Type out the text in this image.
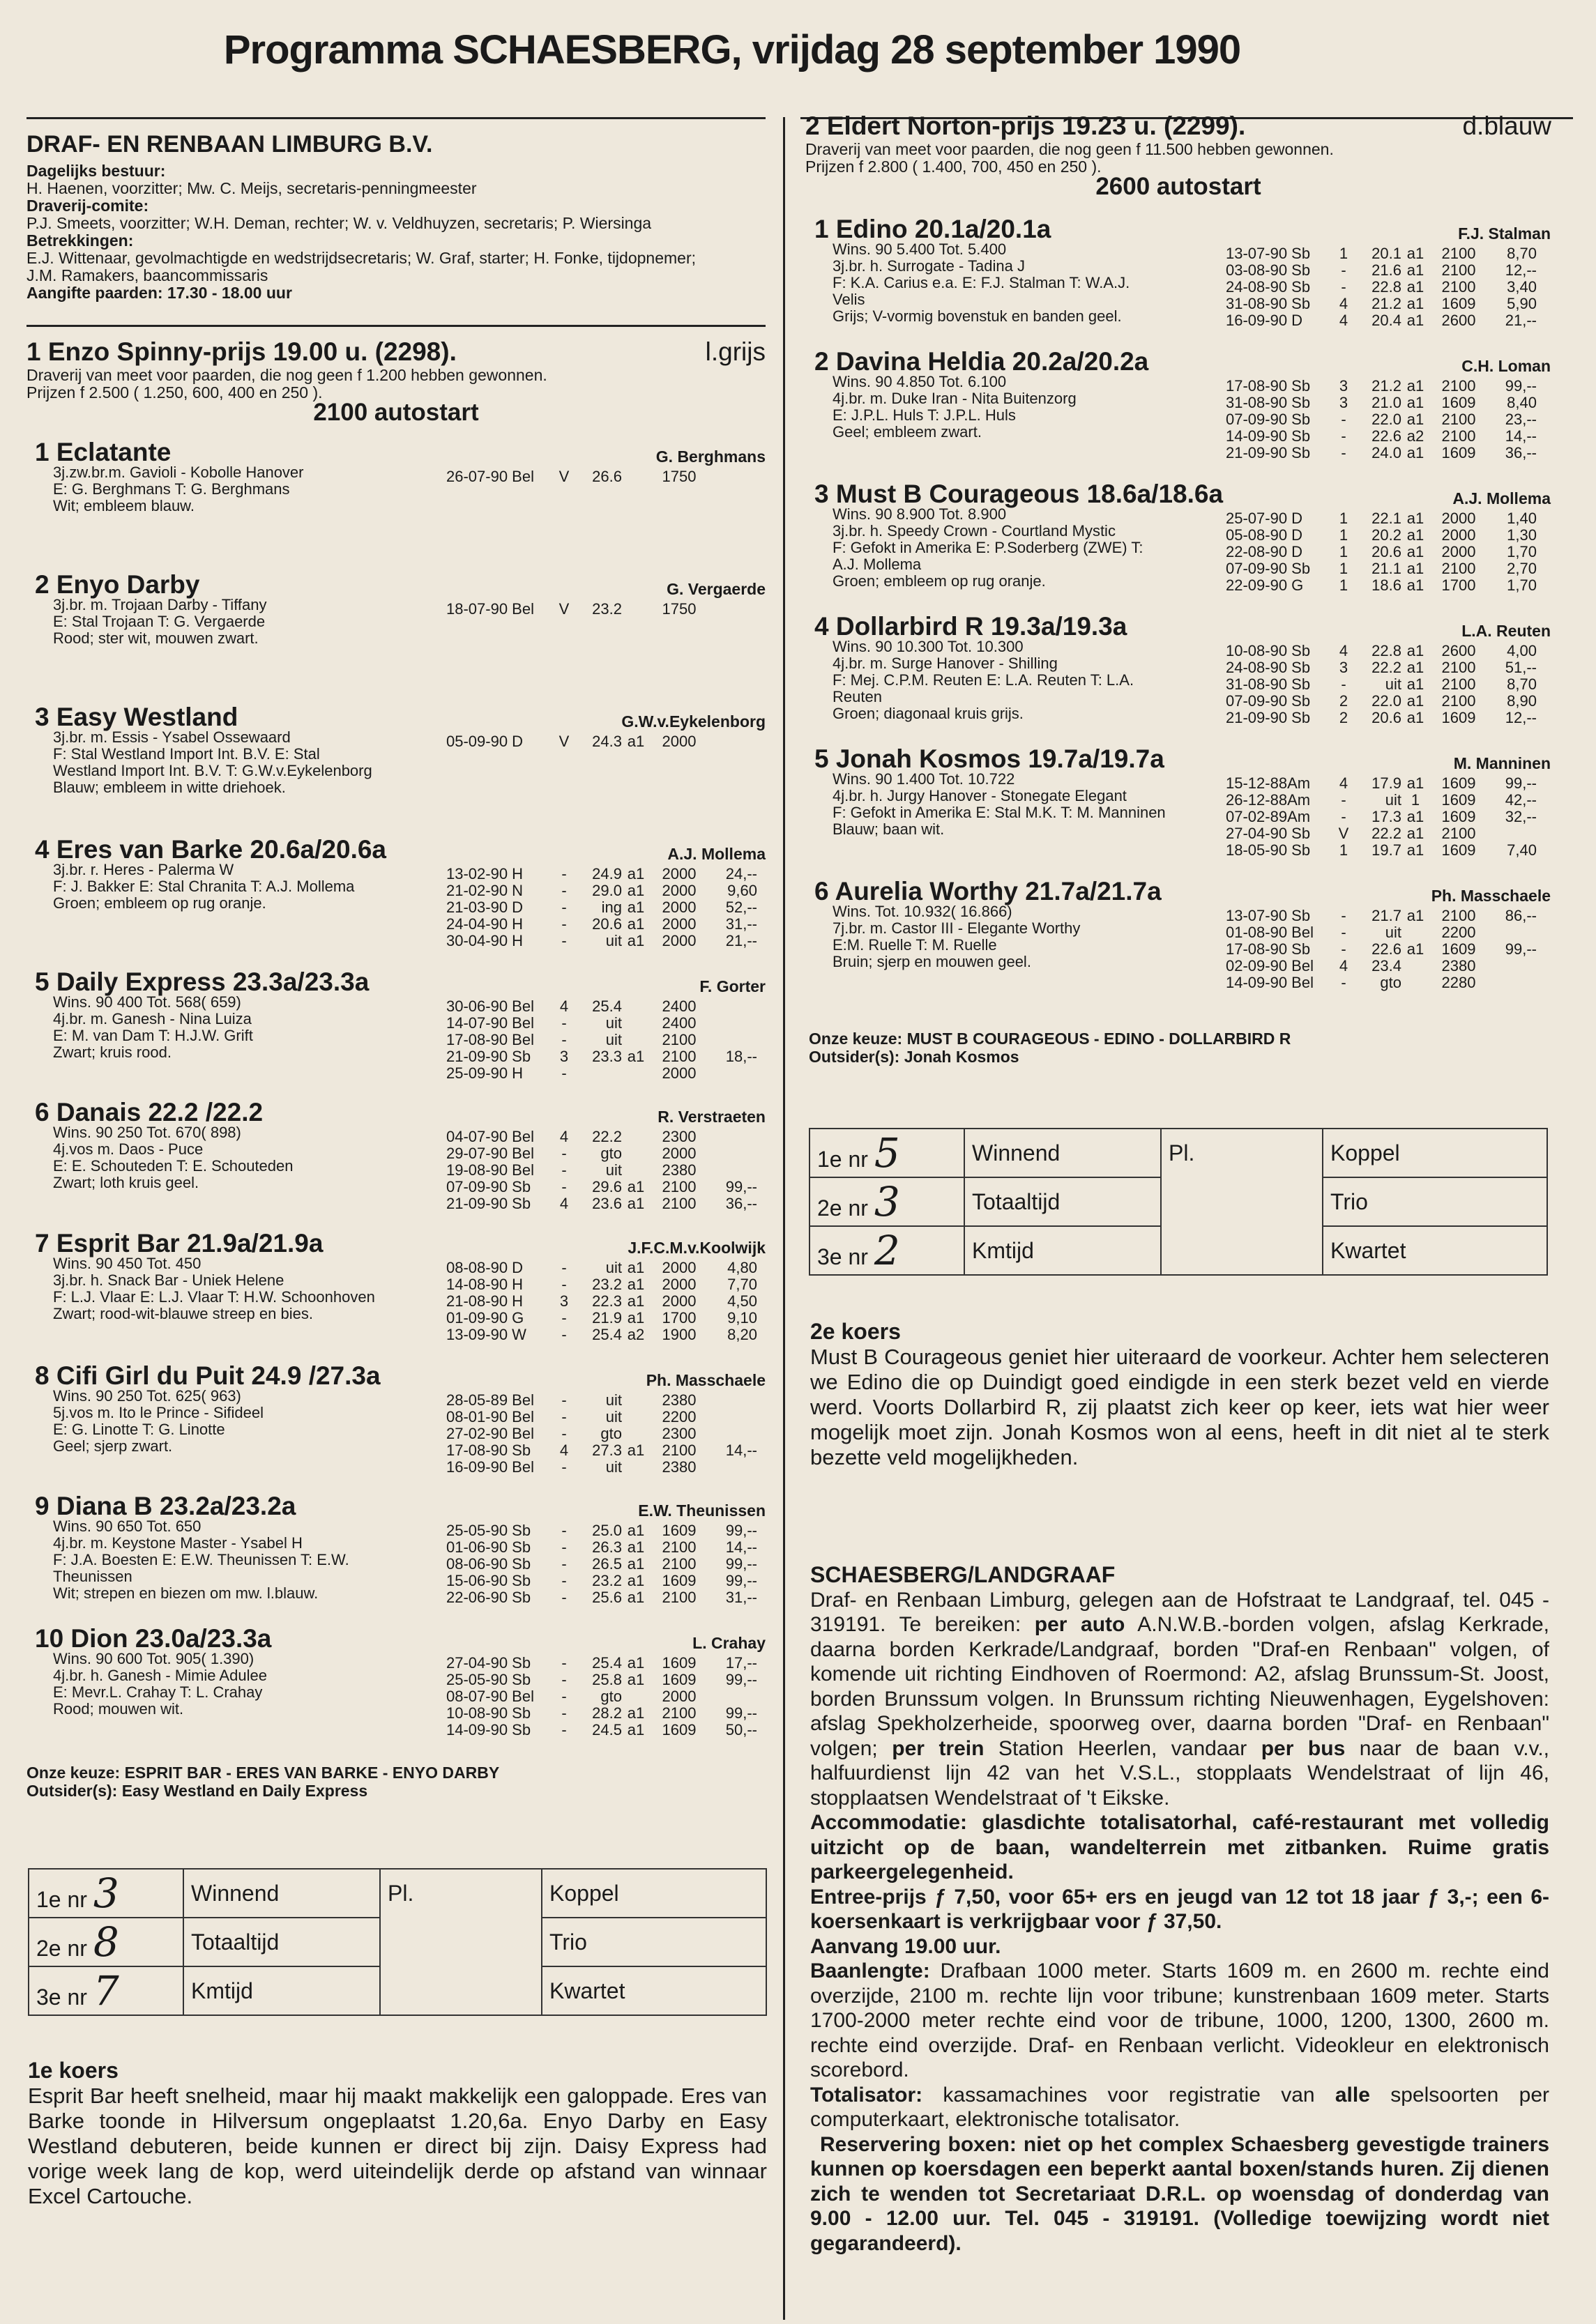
Programma SCHAESBERG, vrijdag 28 september 1990
DRAF- EN RENBAAN LIMBURG B.V.
Dagelijks bestuur:
H. Haenen, voorzitter; Mw. C. Meijs, secretaris-penningmeester
Draverij-comite:
P.J. Smeets, voorzitter; W.H. Deman, rechter; W. v. Veldhuyzen, secretaris; P. Wiersinga
Betrekkingen:
E.J. Wittenaar, gevolmachtigde en wedstrijdsecretaris; W. Graf, starter; H. Fonke, tijdopnemer;
J.M. Ramakers, baancommissaris
Aangifte paarden: 17.30 - 18.00 uur
1 Enzo Spinny-prijs 19.00 u. (2298).	l.grijs
Draverij van meet voor paarden, die nog geen f 1.200 hebben gewonnen.
Prijzen f 2.500 ( 1.250, 600, 400 en 250 ).
2100 autostart
1 Eclatante	G. Berghmans
3j.zw.br.m. Gavioli - Kobolle Hanover
E: G. Berghmans T: G. Berghmans
Wit; embleem blauw.
26-07-90 Bel	V	26.6		1750	
2 Enyo Darby	G. Vergaerde
3j.br. m. Trojaan Darby - Tiffany
E: Stal Trojaan T: G. Vergaerde
Rood; ster wit, mouwen zwart.
18-07-90 Bel	V	23.2		1750	
3 Easy Westland	G.W.v.Eykelenborg
3j.br. m. Essis - Ysabel Ossewaard
F: Stal Westland Import Int. B.V. E: Stal
Westland Import Int. B.V. T: G.W.v.Eykelenborg
Blauw; embleem in witte driehoek.
05-09-90 D	V	24.3	a1	2000	
4 Eres van Barke 20.6a/20.6a	A.J. Mollema
3j.br. r. Heres - Palerma W
F: J. Bakker E: Stal Chranita T: A.J. Mollema
Groen; embleem op rug oranje.
13-02-90 H	-	24.9	a1	2000	24,--
21-02-90 N	-	29.0	a1	2000	9,60
21-03-90 D	-	ing	a1	2000	52,--
24-04-90 H	-	20.6	a1	2000	31,--
30-04-90 H	-	uit	a1	2000	21,--
5 Daily Express 23.3a/23.3a	F. Gorter
Wins. 90 400 Tot. 568( 659)
4j.br. m. Ganesh - Nina Luiza
E: M. van Dam T: H.J.W. Grift
Zwart; kruis rood.
30-06-90 Bel	4	25.4		2400	
14-07-90 Bel	-	uit		2400	
17-08-90 Bel	-	uit		2100	
21-09-90 Sb	3	23.3	a1	2100	18,--
25-09-90 H	-			2000	
6 Danais 22.2 /22.2	R. Verstraeten
Wins. 90 250 Tot. 670( 898)
4j.vos m. Daos - Puce
E: E. Schouteden T: E. Schouteden
Zwart; loth kruis geel.
04-07-90 Bel	4	22.2		2300	
29-07-90 Bel	-	gto		2000	
19-08-90 Bel	-	uit		2380	
07-09-90 Sb	-	29.6	a1	2100	99,--
21-09-90 Sb	4	23.6	a1	2100	36,--
7 Esprit Bar 21.9a/21.9a	J.F.C.M.v.Koolwijk
Wins. 90 450 Tot. 450
3j.br. h. Snack Bar - Uniek Helene
F: L.J. Vlaar E: L.J. Vlaar T: H.W. Schoonhoven
Zwart; rood-wit-blauwe streep en bies.
08-08-90 D	-	uit	a1	2000	4,80
14-08-90 H	-	23.2	a1	2000	7,70
21-08-90 H	3	22.3	a1	2000	4,50
01-09-90 G	-	21.9	a1	1700	9,10
13-09-90 W	-	25.4	a2	1900	8,20
8 Cifi Girl du Puit 24.9 /27.3a	Ph. Masschaele
Wins. 90 250 Tot. 625( 963)
5j.vos m. Ito le Prince - Sifideel
E: G. Linotte T: G. Linotte
Geel; sjerp zwart.
28-05-89 Bel	-	uit		2380	
08-01-90 Bel	-	uit		2200	
27-02-90 Bel	-	gto		2300	
17-08-90 Sb	4	27.3	a1	2100	14,--
16-09-90 Bel	-	uit		2380	
9 Diana B 23.2a/23.2a	E.W. Theunissen
Wins. 90 650 Tot. 650
4j.br. m. Keystone Master - Ysabel H
F: J.A. Boesten E: E.W. Theunissen T: E.W.
Theunissen
Wit; strepen en biezen om mw. l.blauw.
25-05-90 Sb	-	25.0	a1	1609	99,--
01-06-90 Sb	-	26.3	a1	2100	14,--
08-06-90 Sb	-	26.5	a1	2100	99,--
15-06-90 Sb	-	23.2	a1	1609	99,--
22-06-90 Sb	-	25.6	a1	2100	31,--
10 Dion 23.0a/23.3a	L. Crahay
Wins. 90 600 Tot. 905( 1.390)
4j.br. h. Ganesh - Mimie Adulee
E: Mevr.L. Crahay T: L. Crahay
Rood; mouwen wit.
27-04-90 Sb	-	25.4	a1	1609	17,--
25-05-90 Sb	-	25.8	a1	1609	99,--
08-07-90 Bel	-	gto		2000	
10-08-90 Sb	-	28.2	a1	2100	99,--
14-09-90 Sb	-	24.5	a1	1609	50,--
Onze keuze: ESPRIT BAR - ERES VAN BARKE - ENYO DARBY
Outsider(s): Easy Westland en Daily Express
1e nr 3	Winnend	Pl.	Koppel
2e nr 8	Totaaltijd		Trio
3e nr 7	Kmtijd		Kwartet
1e koers
Esprit Bar heeft snelheid, maar hij maakt makkelijk een galoppade. Eres van Barke toonde in Hilversum ongeplaatst 1.20,6a. Enyo Darby en Easy Westland debuteren, beide kunnen er direct bij zijn. Daisy Express had vorige week lang de kop, werd uiteindelijk derde op afstand van winnaar Excel Cartouche.
2 Eldert Norton-prijs 19.23 u. (2299).	d.blauw
Draverij van meet voor paarden, die nog geen f 11.500 hebben gewonnen.
Prijzen f 2.800 ( 1.400, 700, 450 en 250 ).
2600 autostart
1 Edino 20.1a/20.1a	F.J. Stalman
Wins. 90 5.400 Tot. 5.400
3j.br. h. Surrogate - Tadina J
F: K.A. Carius e.a. E: F.J. Stalman T: W.A.J.
Velis
Grijs; V-vormig bovenstuk en banden geel.
13-07-90 Sb	1	20.1	a1	2100	8,70
03-08-90 Sb	-	21.6	a1	2100	12,--
24-08-90 Sb	-	22.8	a1	2100	3,40
31-08-90 Sb	4	21.2	a1	1609	5,90
16-09-90 D	4	20.4	a1	2600	21,--
2 Davina Heldia 20.2a/20.2a	C.H. Loman
Wins. 90 4.850 Tot. 6.100
4j.br. m. Duke Iran - Nita Buitenzorg
E: J.P.L. Huls T: J.P.L. Huls
Geel; embleem zwart.
17-08-90 Sb	3	21.2	a1	2100	99,--
31-08-90 Sb	3	21.0	a1	1609	8,40
07-09-90 Sb	-	22.0	a1	2100	23,--
14-09-90 Sb	-	22.6	a2	2100	14,--
21-09-90 Sb	-	24.0	a1	1609	36,--
3 Must B Courageous 18.6a/18.6a	A.J. Mollema
Wins. 90 8.900 Tot. 8.900
3j.br. h. Speedy Crown - Courtland Mystic
F: Gefokt in Amerika E: P.Soderberg (ZWE) T:
A.J. Mollema
Groen; embleem op rug oranje.
25-07-90 D	1	22.1	a1	2000	1,40
05-08-90 D	1	20.2	a1	2000	1,30
22-08-90 D	1	20.6	a1	2000	1,70
07-09-90 Sb	1	21.1	a1	2100	2,70
22-09-90 G	1	18.6	a1	1700	1,70
4 Dollarbird R 19.3a/19.3a	L.A. Reuten
Wins. 90 10.300 Tot. 10.300
4j.br. m. Surge Hanover - Shilling
F: Mej. C.P.M. Reuten E: L.A. Reuten T: L.A.
Reuten
Groen; diagonaal kruis grijs.
10-08-90 Sb	4	22.8	a1	2600	4,00
24-08-90 Sb	3	22.2	a1	2100	51,--
31-08-90 Sb	-	uit	a1	2100	8,70
07-09-90 Sb	2	22.0	a1	2100	8,90
21-09-90 Sb	2	20.6	a1	1609	12,--
5 Jonah Kosmos 19.7a/19.7a	M. Manninen
Wins. 90 1.400 Tot. 10.722
4j.br. h. Jurgy Hanover - Stonegate Elegant
F: Gefokt in Amerika E: Stal M.K. T: M. Manninen
Blauw; baan wit.
15-12-88Am	4	17.9	a1	1609	99,--
26-12-88Am	-	uit	1	1609	42,--
07-02-89Am	-	17.3	a1	1609	32,--
27-04-90 Sb	V	22.2	a1	2100	
18-05-90 Sb	1	19.7	a1	1609	7,40
6 Aurelia Worthy 21.7a/21.7a	Ph. Masschaele
Wins. Tot. 10.932( 16.866)
7j.br. m. Castor III - Elegante Worthy
E:M. Ruelle T: M. Ruelle
Bruin; sjerp en mouwen geel.
13-07-90 Sb	-	21.7	a1	2100	86,--
01-08-90 Bel	-	uit		2200	
17-08-90 Sb	-	22.6	a1	1609	99,--
02-09-90 Bel	4	23.4		2380	
14-09-90 Bel	-	gto		2280	
Onze keuze: MUST B COURAGEOUS - EDINO - DOLLARBIRD R
Outsider(s): Jonah Kosmos
1e nr 5	Winnend	Pl.	Koppel
2e nr 3	Totaaltijd		Trio
3e nr 2	Kmtijd		Kwartet
2e koers
Must B Courageous geniet hier uiteraard de voorkeur. Achter hem selecteren we Edino die op Duindigt goed eindigde in een sterk bezet veld en vierde werd. Voorts Dollarbird R, zij plaatst zich keer op keer, iets wat hier weer mogelijk moet zijn. Jonah Kosmos won al eens, heeft in dit niet al te sterk bezette veld mogelijkheden.
SCHAESBERG/LANDGRAAF
Draf- en Renbaan Limburg, gelegen aan de Hofstraat te Landgraaf, tel. 045 - 319191. Te bereiken: per auto A.N.W.B.-borden volgen, afslag Kerkrade, daarna borden Kerkrade/Landgraaf, borden "Draf-en Renbaan" volgen, of komende uit richting Eindhoven of Roermond: A2, afslag Brunssum-St. Joost, borden Brunssum volgen. In Brunssum richting Nieuwenhagen, Eygelshoven: afslag Spekholzerheide, spoorweg over, daarna borden "Draf- en Renbaan" volgen; per trein Station Heerlen, vandaar per bus naar de baan v.v., halfuurdienst lijn 42 van het V.S.L., stopplaats Wendelstraat of lijn 46, stopplaatsen Wendelstraat of 't Eikske.
Accommodatie: glasdichte totalisatorhal, café-restaurant met volledig uitzicht op de baan, wandelterrein met zitbanken. Ruime gratis parkeergelegenheid.
Entree-prijs ƒ 7,50, voor 65+ ers en jeugd van 12 tot 18 jaar ƒ 3,-; een 6-koersenkaart is verkrijgbaar voor ƒ 37,50.
Aanvang 19.00 uur.
Baanlengte: Drafbaan 1000 meter. Starts 1609 m. en 2600 m. rechte eind overzijde, 2100 m. rechte lijn voor tribune; kunstrenbaan 1609 meter. Starts 1700-2000 meter rechte eind voor de tribune, 1000, 1200, 1300, 2600 m. rechte eind overzijde. Draf- en Renbaan verlicht. Videokleur en elektronisch scorebord.
Totalisator: kassamachines voor registratie van alle spelsoorten per computerkaart, elektronische totalisator.
Reservering boxen: niet op het complex Schaesberg gevestigde trainers kunnen op koersdagen een beperkt aantal boxen/stands huren. Zij dienen zich te wenden tot Secretariaat D.R.L. op woensdag of donderdag van 9.00 - 12.00 uur. Tel. 045 - 319191. (Volledige toewijzing wordt niet gegarandeerd).
